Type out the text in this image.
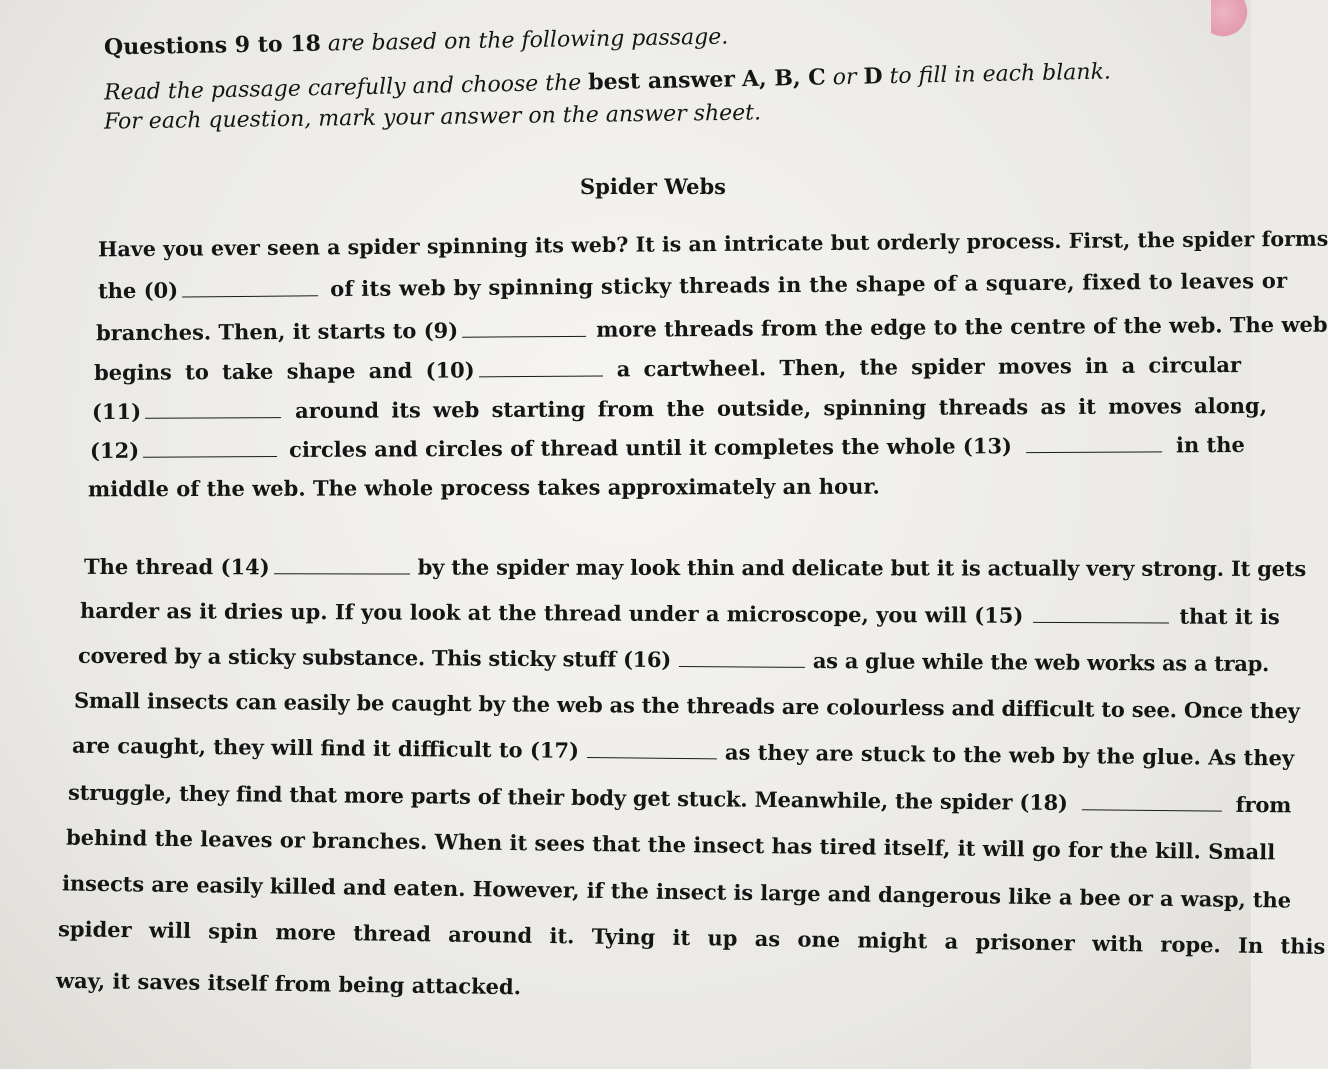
Questions 9 to 18 are based on the following passage.
Read the passage carefully and choose the best answer A, B, C or D to fill in each blank.
For each question, mark your answer on the answer sheet.
Spider Webs
Have you ever seen a spider spinning its web? It is an intricate but orderly process. First, the spider forms
the (0)	of its web by spinning sticky threads in the shape of a square, fixed to leaves or
branches. Then, it starts to (9)	more threads from the edge to the centre of the web. The web
begins to take shape and (10)	a cartwheel. Then, the spider moves in a circular
(11)	around its web starting from the outside, spinning threads as it moves along,
(12)	circles and circles of thread until it completes the whole (13)	in the
middle of the web. The whole process takes approximately an hour.
The thread (14)	by the spider may look thin and delicate but it is actually very strong. It gets
harder as it dries up. If you look at the thread under a microscope, you will (15)	that it is
covered by a sticky substance. This sticky stuff (16)	as a glue while the web works as a trap.
Small insects can easily be caught by the web as the threads are colourless and difficult to see. Once they
are caught, they will find it difficult to (17)	as they are stuck to the web by the glue. As they
struggle, they find that more parts of their body get stuck. Meanwhile, the spider (18)	from
behind the leaves or branches. When it sees that the insect has tired itself, it will go for the kill. Small
insects are easily killed and eaten. However, if the insect is large and dangerous like a bee or a wasp, the
spider will spin more thread around it. Tying it up as one might a prisoner with rope. In this
way, it saves itself from being attacked.
